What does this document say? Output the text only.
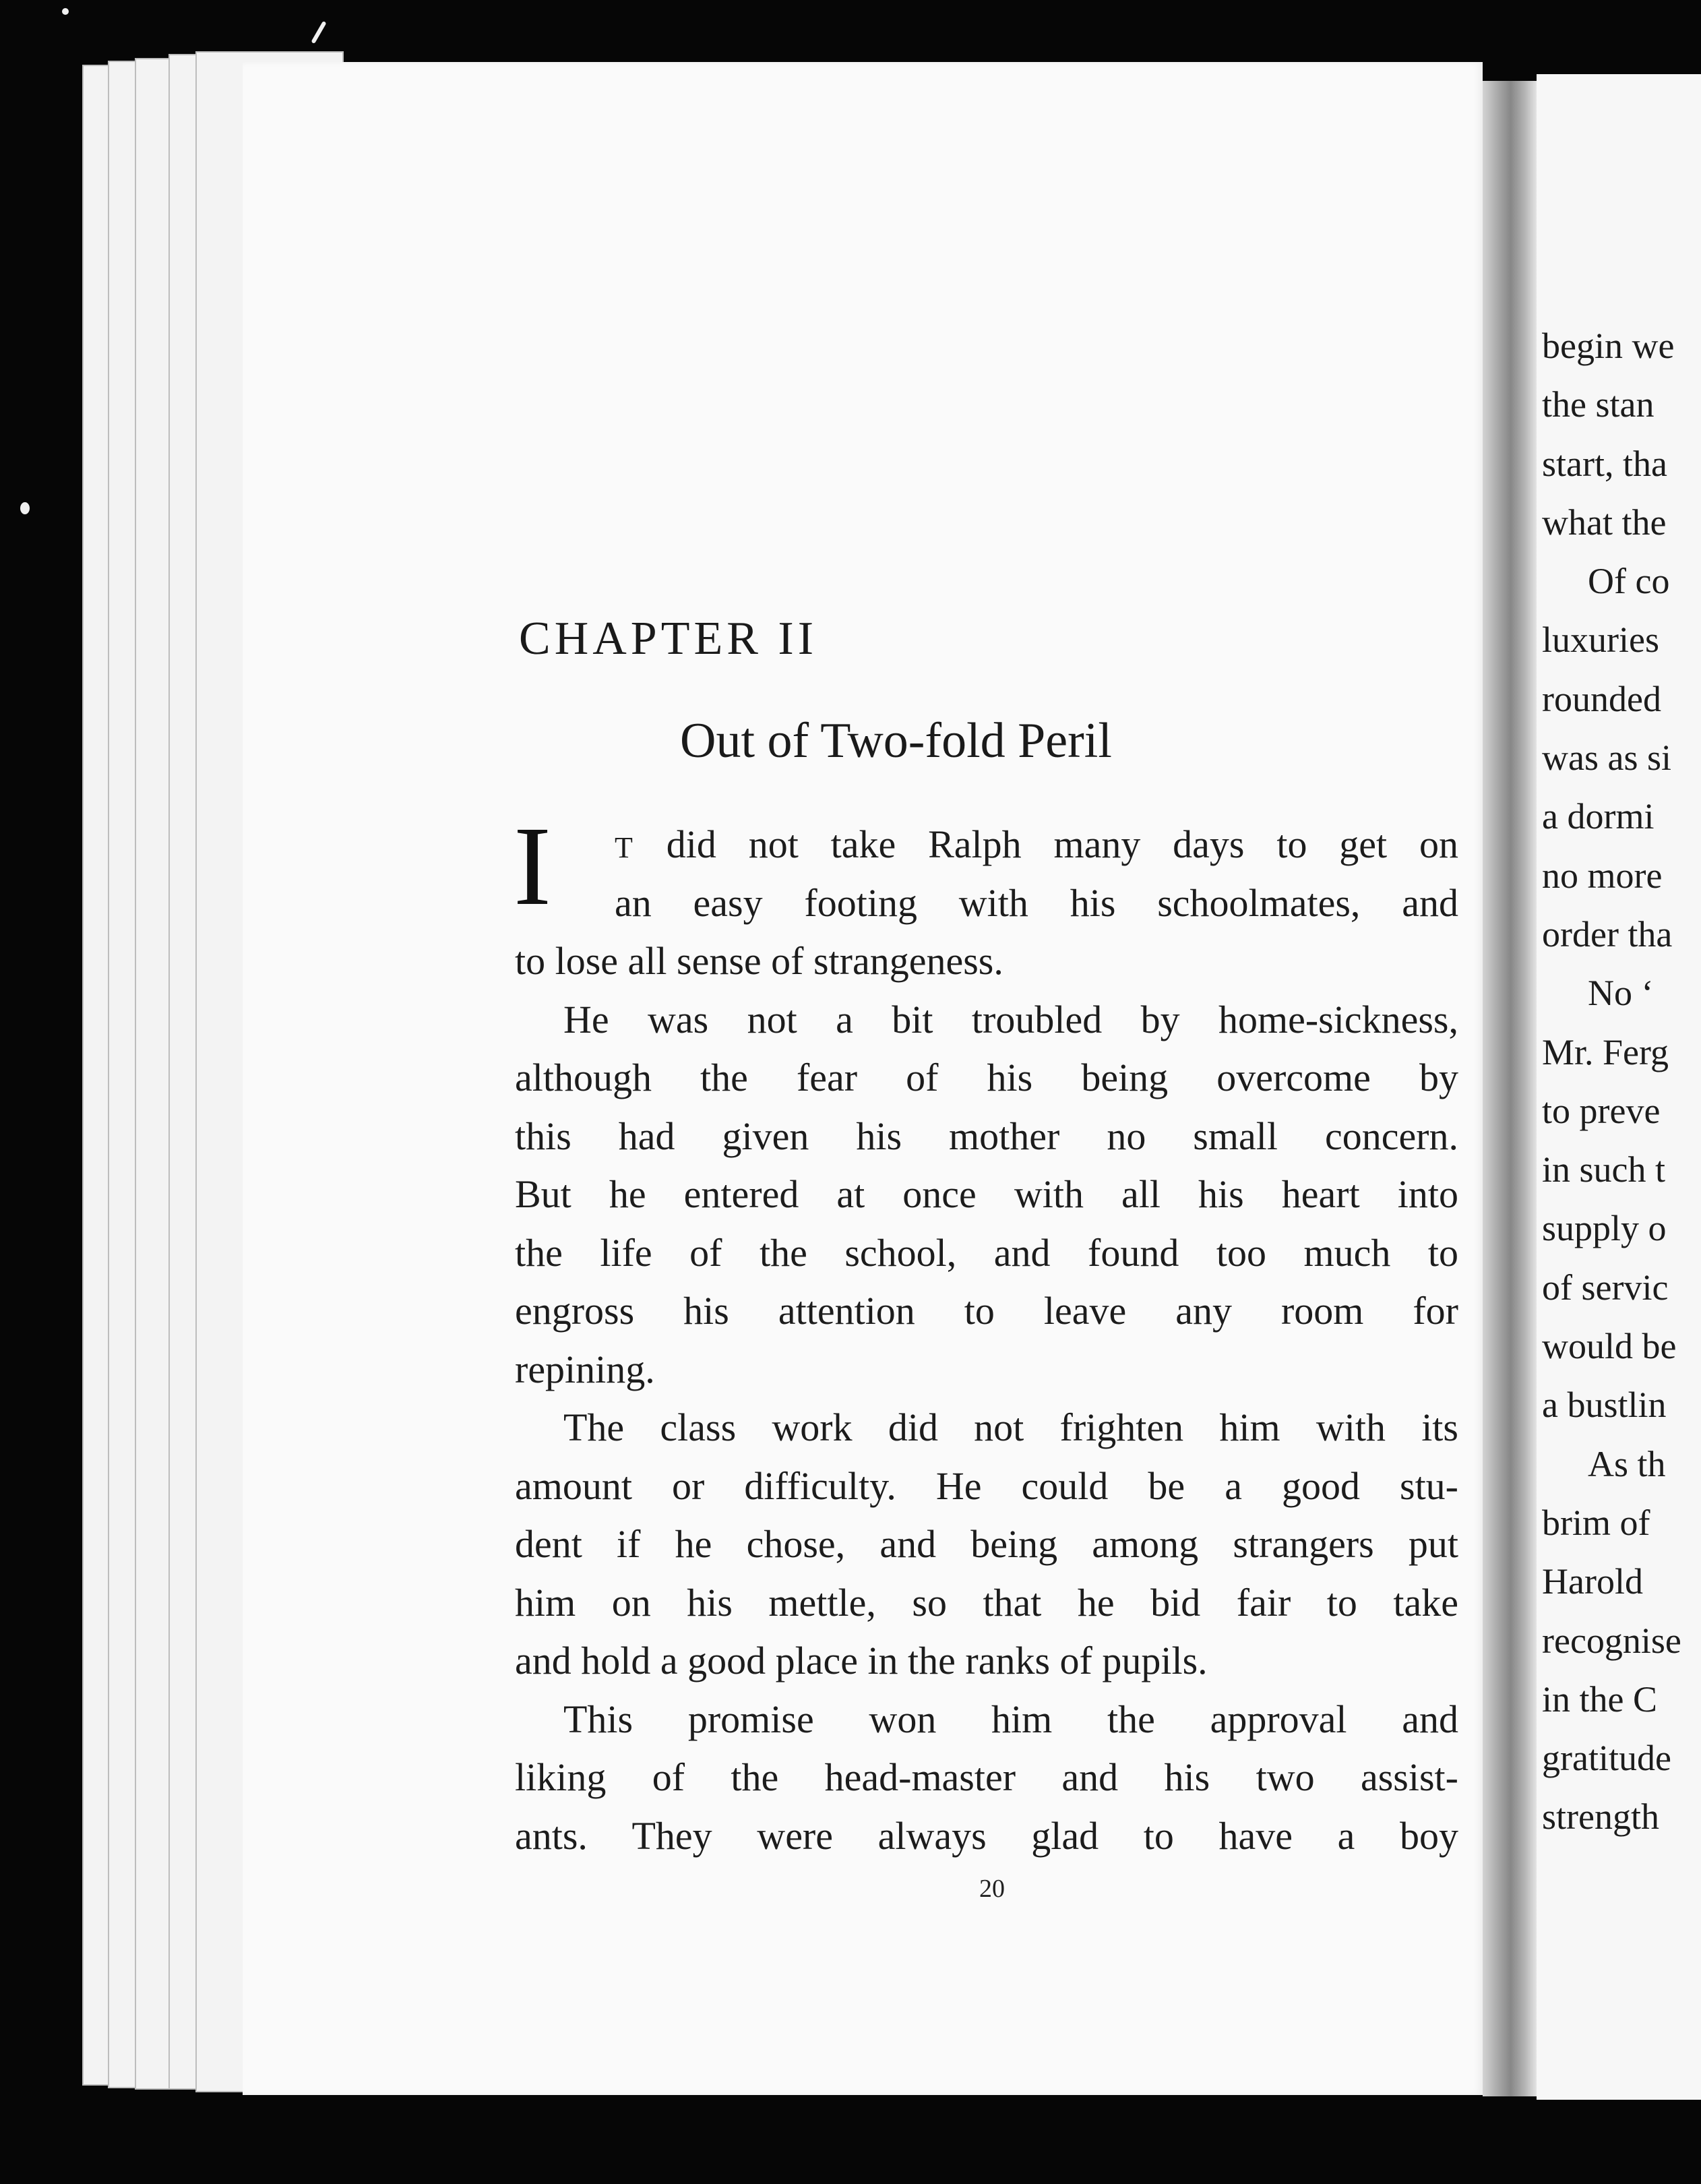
CHAPTER II
Out of Two-fold Peril
I	T did not take Ralph many days to get on
an easy footing with his schoolmates, and
to lose all sense of strangeness.
He was not a bit troubled by home-sickness,
although the fear of his being overcome by
this had given his mother no small concern.
But he entered at once with all his heart into
the life of the school, and found too much to
engross his attention to leave any room for
repining.
The class work did not frighten him with its
amount or difficulty. He could be a good stu-
dent if he chose, and being among strangers put
him on his mettle, so that he bid fair to take
and hold a good place in the ranks of pupils.
This promise won him the approval and
liking of the head-master and his two assist-
ants. They were always glad to have a boy
20
begin we
the stan
start, tha
what the
Of co
luxuries
rounded
was as si
a dormi
no more
order tha
No ‘
Mr. Ferg
to preve
in such t
supply o
of servic
would be
a bustlin
As th
brim of
Harold
recognise
in the C
gratitude
strength
